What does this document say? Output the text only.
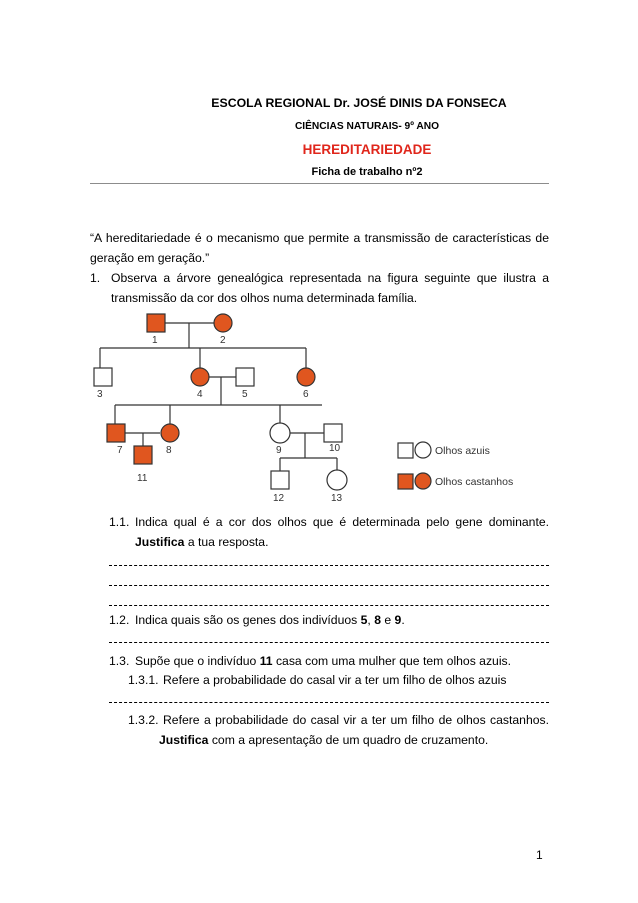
ESCOLA REGIONAL Dr. JOSÉ DINIS DA FONSECA
CIÊNCIAS NATURAIS- 9º ANO
HEREDITARIEDADE
Ficha de trabalho nº2
“A hereditariedade é o mecanismo que permite a transmissão de características de
geração em geração.”
1. Observa a árvore genealógica representada na figura seguinte que ilustra a
transmissão da cor dos olhos numa determinada família.
1	2
3	4	5	6
7	8	9	10
11
12	13
Olhos azuis
Olhos castanhos
1.1. Indica qual é a cor dos olhos que é determinada pelo gene dominante.
Justifica a tua resposta.
1.2. Indica quais são os genes dos indivíduos 5, 8 e 9.
1.3. Supõe que o indivíduo 11 casa com uma mulher que tem olhos azuis.
1.3.1. Refere a probabilidade do casal vir a ter um filho de olhos azuis
1.3.2. Refere a probabilidade do casal vir a ter um filho de olhos castanhos.
Justifica com a apresentação de um quadro de cruzamento.
1
